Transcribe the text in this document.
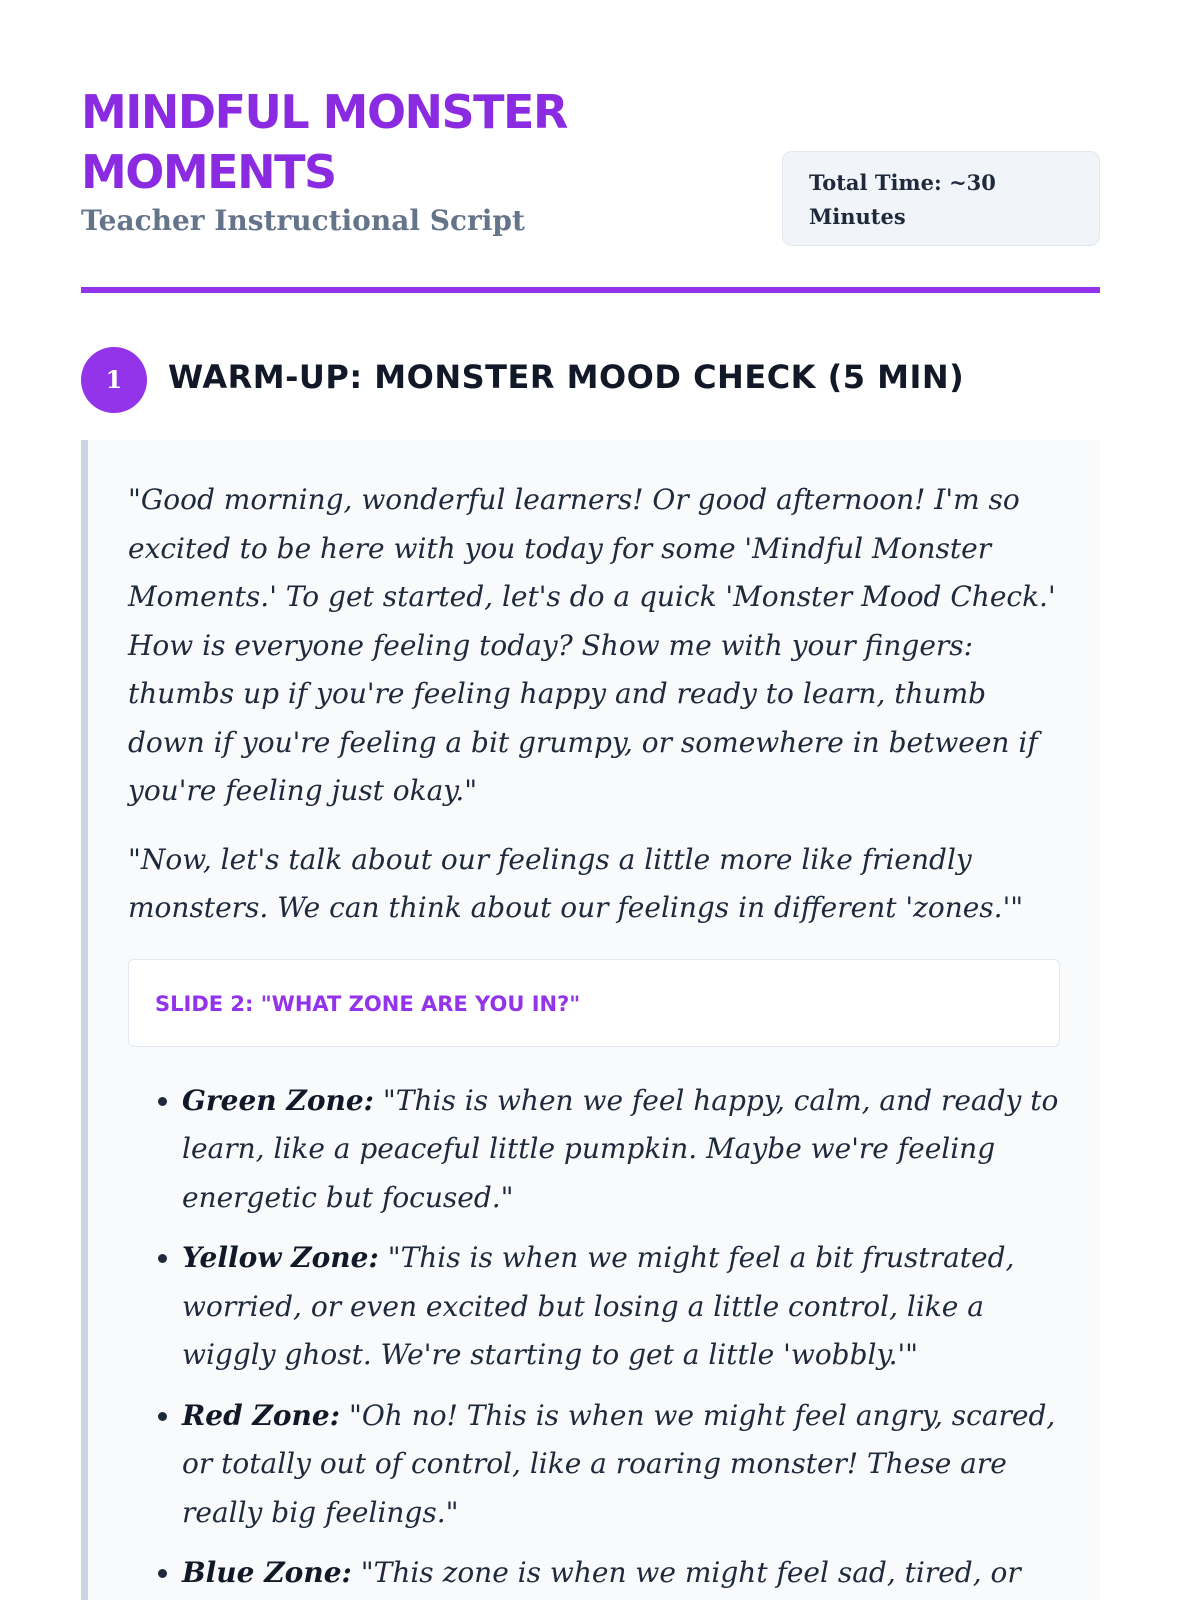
MINDFUL MONSTER MOMENTS
Teacher Instructional Script
Total Time: ~30 Minutes
1	WARM-UP: MONSTER MOOD CHECK (5 MIN)

"Good morning, wonderful learners! Or good afternoon! I'm so excited to be here with you today for some 'Mindful Monster Moments.' To get started, let's do a quick 'Monster Mood Check.' How is everyone feeling today? Show me with your fingers: thumbs up if you're feeling happy and ready to learn, thumb down if you're feeling a bit grumpy, or somewhere in between if you're feeling just okay."

"Now, let's talk about our feelings a little more like friendly monsters. We can think about our feelings in different 'zones.'"

SLIDE 2: "WHAT ZONE ARE YOU IN?"
• Green Zone: "This is when we feel happy, calm, and ready to learn, like a peaceful little pumpkin. Maybe we're feeling energetic but focused."
• Yellow Zone: "This is when we might feel a bit frustrated, worried, or even excited but losing a little control, like a wiggly ghost. We're starting to get a little 'wobbly.'"
• Red Zone: "Oh no! This is when we might feel angry, scared, or totally out of control, like a roaring monster! These are really big feelings."
• Blue Zone: "This zone is when we might feel sad, tired, or
